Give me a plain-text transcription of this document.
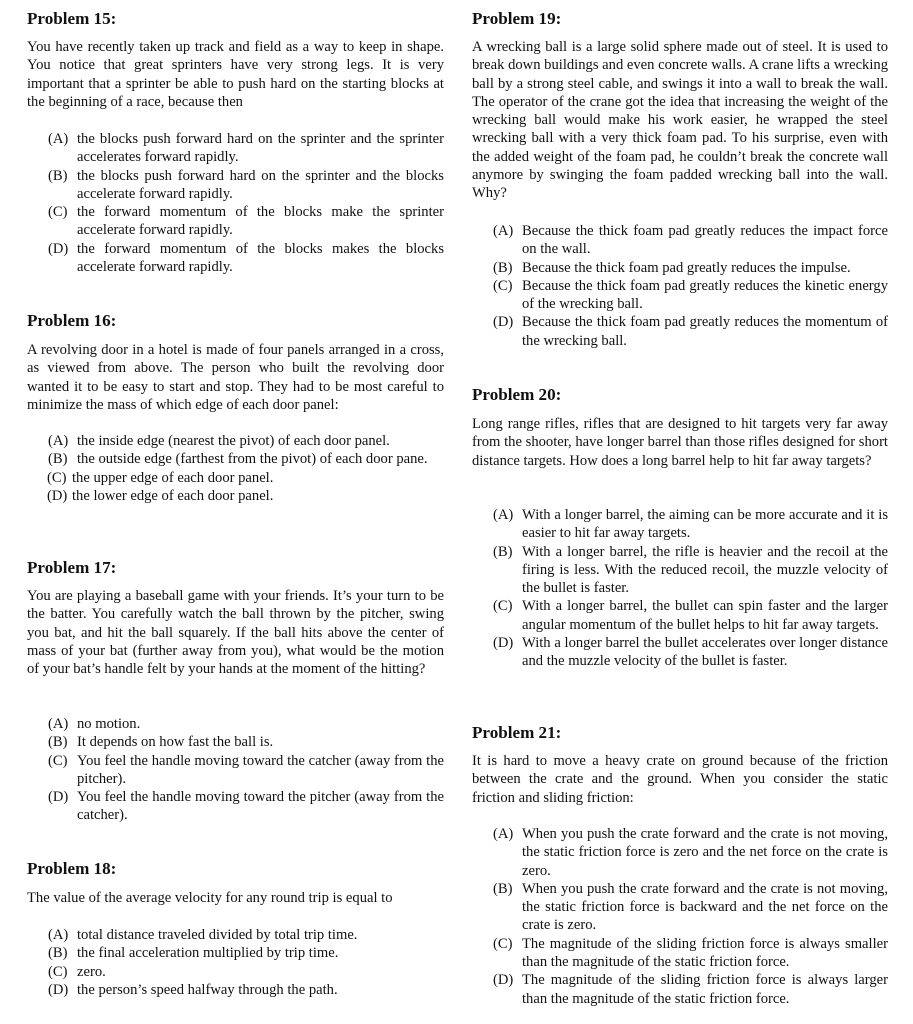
Problem 15:

You have recently taken up track and field as a way to keep in shape. You notice that great sprinters have very strong legs. It is very important that a sprinter be able to push hard on the starting blocks at the beginning of a race, because then

(A) the blocks push forward hard on the sprinter and the sprinter accelerates forward rapidly.
(B) the blocks push forward hard on the sprinter and the blocks accelerate forward rapidly.
(C) the forward momentum of the blocks make the sprinter accelerate forward rapidly.
(D) the forward momentum of the blocks makes the blocks accelerate forward rapidly.
Problem 16:

A revolving door in a hotel is made of four panels arranged in a cross, as viewed from above. The person who built the revolving door wanted it to be easy to start and stop. They had to be most careful to minimize the mass of which edge of each door panel:

(A) the inside edge (nearest the pivot) of each door panel.
(B) the outside edge (farthest from the pivot) of each door pane.
(C) the upper edge of each door panel.
(D) the lower edge of each door panel.
Problem 17:

You are playing a baseball game with your friends. It’s your turn to be the batter. You carefully watch the ball thrown by the pitcher, swing you bat, and hit the ball squarely. If the ball hits above the center of mass of your bat (further away from you), what would be the motion of your bat’s handle felt by your hands at the moment of the hitting?

(A) no motion.
(B) It depends on how fast the ball is.
(C) You feel the handle moving toward the catcher (away from the pitcher).
(D) You feel the handle moving toward the pitcher (away from the catcher).
Problem 18:

The value of the average velocity for any round trip is equal to

(A) total distance traveled divided by total trip time.
(B) the final acceleration multiplied by trip time.
(C) zero.
(D) the person’s speed halfway through the path.
Problem 19:

A wrecking ball is a large solid sphere made out of steel. It is used to break down buildings and even concrete walls. A crane lifts a wrecking ball by a strong steel cable, and swings it into a wall to break the wall. The operator of the crane got the idea that increasing the weight of the wrecking ball would make his work easier, he wrapped the steel wrecking ball with a very thick foam pad. To his surprise, even with the added weight of the foam pad, he couldn’t break the concrete wall anymore by swinging the foam padded wrecking ball into the wall. Why?

(A) Because the thick foam pad greatly reduces the impact force on the wall.
(B) Because the thick foam pad greatly reduces the impulse.
(C) Because the thick foam pad greatly reduces the kinetic energy of the wrecking ball.
(D) Because the thick foam pad greatly reduces the momentum of the wrecking ball.
Problem 20:

Long range rifles, rifles that are designed to hit targets very far away from the shooter, have longer barrel than those rifles designed for short distance targets. How does a long barrel help to hit far away targets?

(A) With a longer barrel, the aiming can be more accurate and it is easier to hit far away targets.
(B) With a longer barrel, the rifle is heavier and the recoil at the firing is less. With the reduced recoil, the muzzle velocity of the bullet is faster.
(C) With a longer barrel, the bullet can spin faster and the larger angular momentum of the bullet helps to hit far away targets.
(D) With a longer barrel the bullet accelerates over longer distance and the muzzle velocity of the bullet is faster.
Problem 21:

It is hard to move a heavy crate on ground because of the friction between the crate and the ground. When you consider the static friction and sliding friction:

(A) When you push the crate forward and the crate is not moving, the static friction force is zero and the net force on the crate is zero.
(B) When you push the crate forward and the crate is not moving, the static friction force is backward and the net force on the crate is zero.
(C) The magnitude of the sliding friction force is always smaller than the magnitude of the static friction force.
(D) The magnitude of the sliding friction force is always larger than the magnitude of the static friction force.
